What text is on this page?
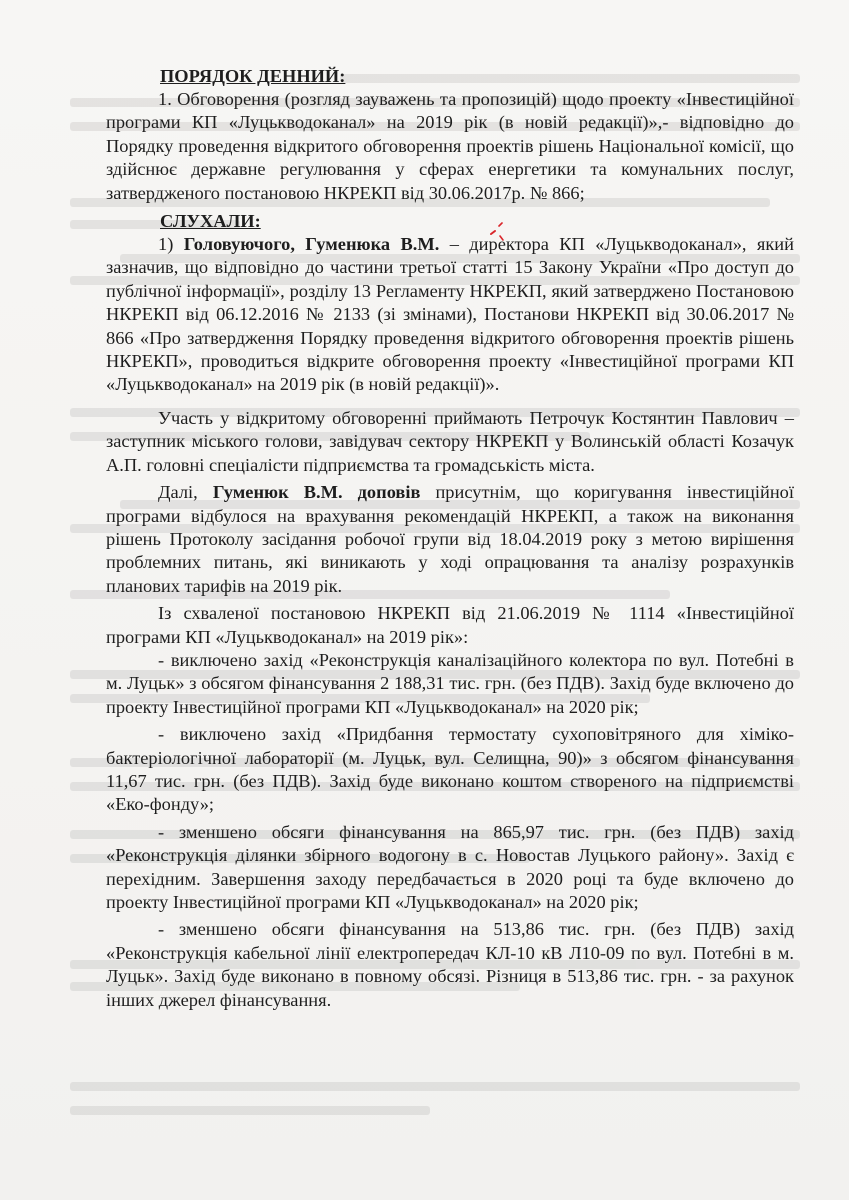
ПОРЯДОК ДЕННИЙ:

1. Обговорення (розгляд зауважень та пропозицій) щодо проекту «Інвестиційної програми КП «Луцькводоканал» на 2019 рік (в новій редакції)»,- відповідно до Порядку проведення відкритого обговорення проектів рішень Національної комісії, що здійснює державне регулювання у сферах енергетики та комунальних послуг, затвердженого постановою НКРЕКП від 30.06.2017р. № 866;

СЛУХАЛИ:

1) Головуючого, Гуменюка В.М. – директора КП «Луцькводоканал», який зазначив, що відповідно до частини третьої статті 15 Закону України «Про доступ до публічної інформації», розділу 13 Регламенту НКРЕКП, який затверджено Постановою НКРЕКП від 06.12.2016 № 2133 (зі змінами), Постанови НКРЕКП від 30.06.2017 № 866 «Про затвердження Порядку проведення відкритого обговорення проектів рішень НКРЕКП», проводиться відкрите обговорення проекту «Інвестиційної програми КП «Луцькводоканал» на 2019 рік (в новій редакції)».

Участь у відкритому обговоренні приймають Петрочук Костянтин Павлович – заступник міського голови, завідувач сектору НКРЕКП у Волинській області Козачук А.П. головні спеціалісти підприємства та громадськість міста.

Далі, Гуменюк В.М. доповів присутнім, що коригування інвестиційної програми відбулося на врахування рекомендацій НКРЕКП, а також на виконання рішень Протоколу засідання робочої групи від 18.04.2019 року з метою вирішення проблемних питань, які виникають у ході опрацювання та аналізу розрахунків планових тарифів на 2019 рік.

Із схваленої постановою НКРЕКП від 21.06.2019 № 1114 «Інвестиційної програми КП «Луцькводоканал» на 2019 рік»:

- виключено захід «Реконструкція каналізаційного колектора по вул. Потебні в м. Луцьк» з обсягом фінансування 2 188,31 тис. грн. (без ПДВ). Захід буде включено до проекту Інвестиційної програми КП «Луцькводоканал» на 2020 рік;

- виключено захід «Придбання термостату сухоповітряного для хіміко-бактеріологічної лабораторії (м. Луцьк, вул. Селищна, 90)» з обсягом фінансування 11,67 тис. грн. (без ПДВ). Захід буде виконано коштом створеного на підприємстві «Еко-фонду»;

- зменшено обсяги фінансування на 865,97 тис. грн. (без ПДВ) захід «Реконструкція ділянки збірного водогону в с. Новостав Луцького району». Захід є перехідним. Завершення заходу передбачається в 2020 році та буде включено до проекту Інвестиційної програми КП «Луцькводоканал» на 2020 рік;

- зменшено обсяги фінансування на 513,86 тис. грн. (без ПДВ) захід «Реконструкція кабельної лінії електропередач КЛ-10 кВ Л10-09 по вул. Потебні в м. Луцьк». Захід буде виконано в повному обсязі. Різниця в 513,86 тис. грн. - за рахунок інших джерел фінансування.
